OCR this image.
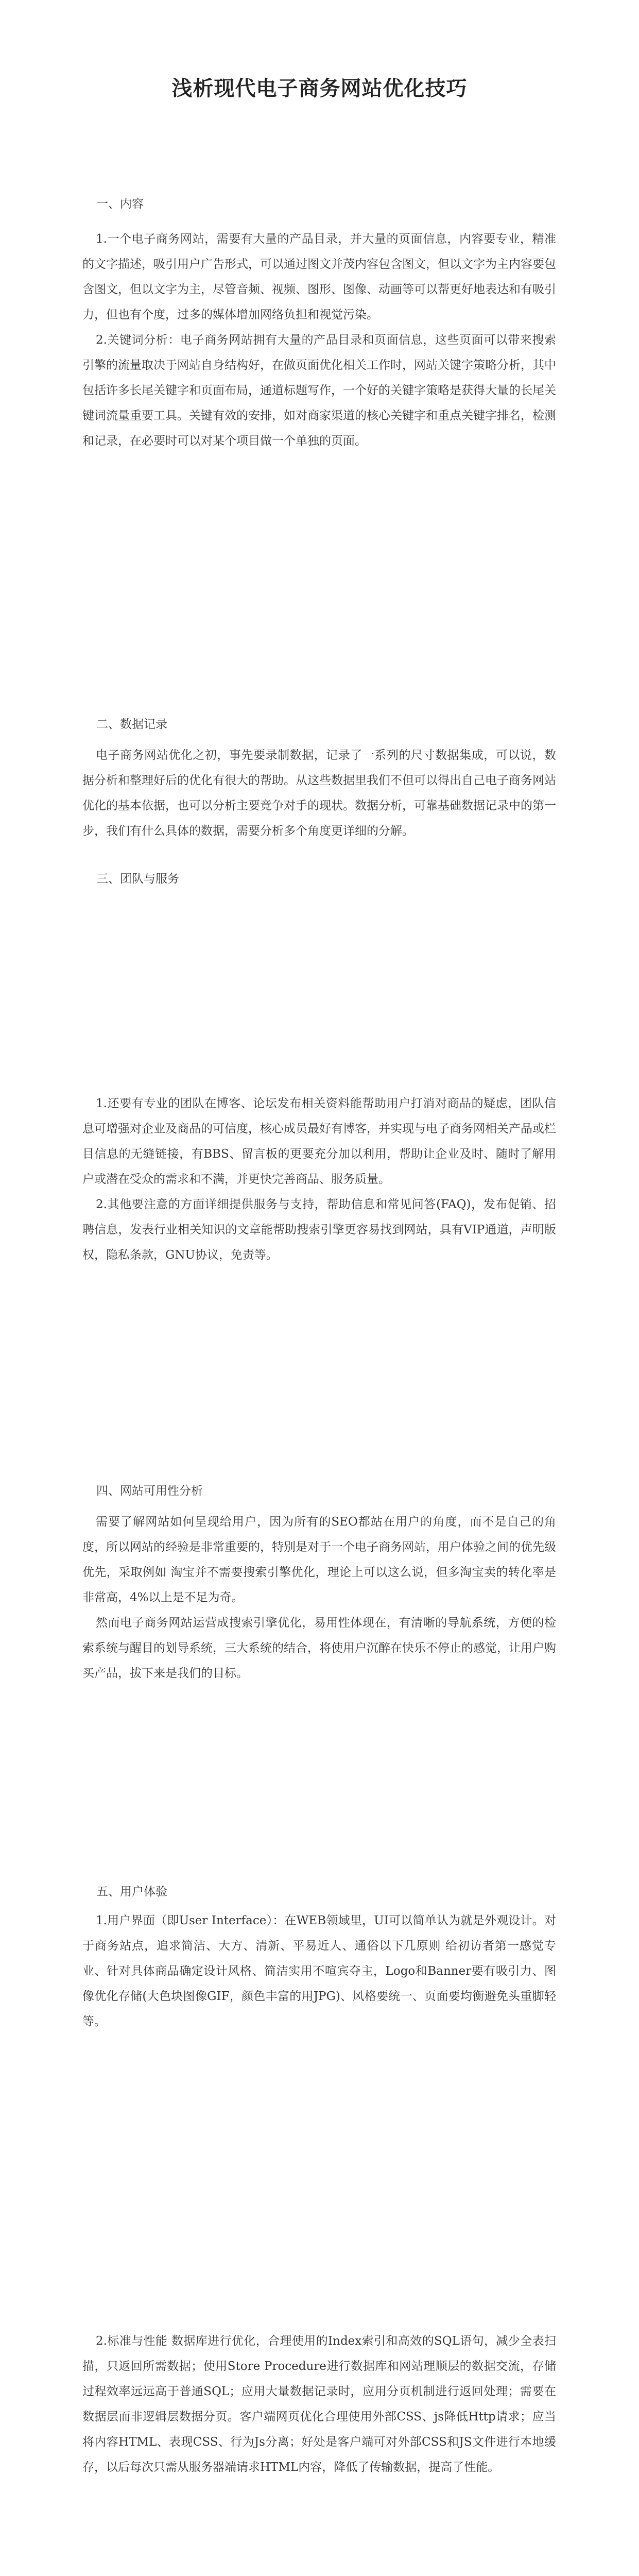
浅析现代电子商务网站优化技巧
一、内容

1.一个电子商务网站，需要有大量的产品目录，并大量的页面信息，内容要专业，精准的文字描述，吸引用户广告形式，可以通过图文并茂内容包含图文，但以文字为主内容要包含图文，但以文字为主，尽管音频、视频、图形、图像、动画等可以帮更好地表达和有吸引力，但也有个度，过多的媒体增加网络负担和视觉污染。

2.关键词分析：电子商务网站拥有大量的产品目录和页面信息，这些页面可以带来搜索引擎的流量取决于网站自身结构好，在做页面优化相关工作时，网站关键字策略分析，其中包括许多长尾关键字和页面布局，通道标题写作，一个好的关键字策略是获得大量的长尾关键词流量重要工具。关键有效的安排，如对商家渠道的核心关键字和重点关键字排名，检测和记录，在必要时可以对某个项目做一个单独的页面。

二、数据记录

电子商务网站优化之初，事先要录制数据，记录了一系列的尺寸数据集成，可以说，数据分析和整理好后的优化有很大的帮助。从这些数据里我们不但可以得出自己电子商务网站优化的基本依据，也可以分析主要竞争对手的现状。数据分析，可靠基础数据记录中的第一步，我们有什么具体的数据，需要分析多个角度更详细的分解。

三、团队与服务

1.还要有专业的团队在博客、论坛发布相关资料能帮助用户打消对商品的疑虑，团队信息可增强对企业及商品的可信度，核心成员最好有博客，并实现与电子商务网相关产品或栏目信息的无缝链接，有BBS、留言板的更要充分加以利用，帮助让企业及时、随时了解用户或潜在受众的需求和不满，并更快完善商品、服务质量。

2.其他要注意的方面详细提供服务与支持，帮助信息和常见问答(FAQ)，发布促销、招聘信息，发表行业相关知识的文章能帮助搜索引擎更容易找到网站，具有VIP通道，声明版权，隐私条款，GNU协议，免责等。

四、网站可用性分析

需要了解网站如何呈现给用户，因为所有的SEO都站在用户的角度，而不是自己的角度，所以网站的经验是非常重要的，特别是对于一个电子商务网站，用户体验之间的优先级优先，采取例如 淘宝并不需要搜索引擎优化，理论上可以这么说，但多淘宝卖的转化率是非常高，4%以上是不足为奇。

然而电子商务网站运营成搜索引擎优化，易用性体现在，有清晰的导航系统，方便的检索系统与醒目的划导系统，三大系统的结合，将使用户沉醉在快乐不停止的感觉，让用户购买产品，拔下来是我们的目标。

五、用户体验

1.用户界面（即User Interface）：在WEB领域里，UI可以简单认为就是外观设计。对于商务站点，追求简洁、大方、清新、平易近人、通俗以下几原则 给初访者第一感觉专业、针对具体商品确定设计风格、简洁实用不喧宾夺主，Logo和Banner要有吸引力、图像优化存储(大色块图像GIF，颜色丰富的用JPG)、风格要统一、页面要均衡避免头重脚轻等。

2.标准与性能 数据库进行优化，合理使用的Index索引和高效的SQL语句，减少全表扫描，只返回所需数据；使用Store Procedure进行数据库和网站理顺层的数据交流，存储过程效率远远高于普通SQL；应用大量数据记录时，应用分页机制进行返回处理；需要在数据层而非逻辑层数据分页。客户端网页优化合理使用外部CSS、js降低Http请求；应当将内容HTML、表现CSS、行为Js分离；好处是客户端可对外部CSS和JS文件进行本地缓存，以后每次只需从服务器端请求HTML内容，降低了传输数据，提高了性能。
